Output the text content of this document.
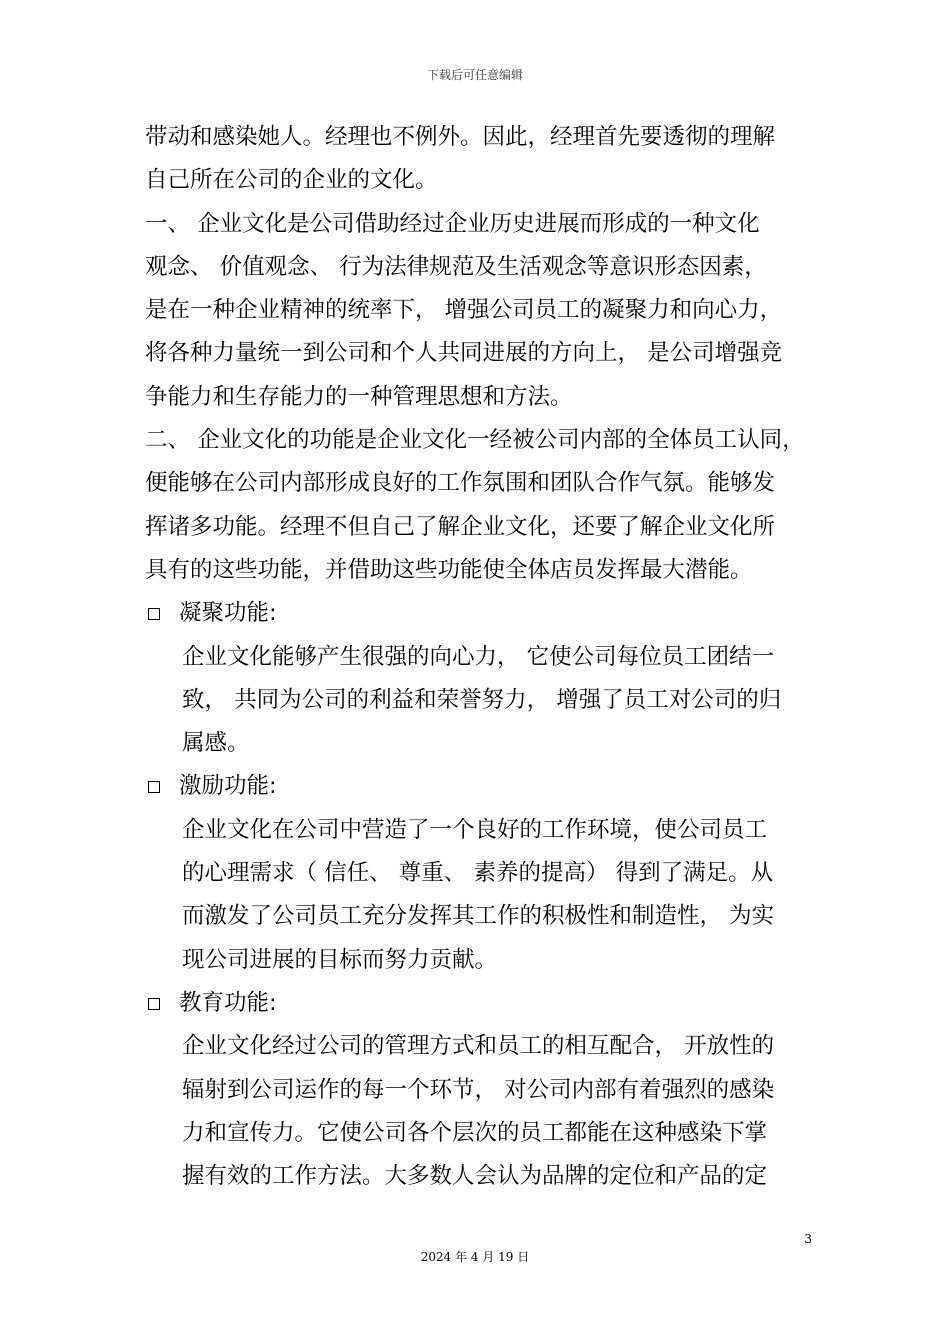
下载后可任意编辑

带动和感染她人。经理也不例外。因此，经理首先要透彻的理解

自己所在公司的企业的文化。

一、 企业文化是公司借助经过企业历史进展而形成的一种文化

观念、 价值观念、 行为法律规范及生活观念等意识形态因素，

是在一种企业精神的统率下， 增强公司员工的凝聚力和向心力，

将各种力量统一到公司和个人共同进展的方向上， 是公司增强竞

争能力和生存能力的一种管理思想和方法。

二、 企业文化的功能是企业文化一经被公司内部的全体员工认同，

便能够在公司内部形成良好的工作氛围和团队合作气氛。能够发

挥诸多功能。经理不但自己了解企业文化，还要了解企业文化所

具有的这些功能，并借助这些功能使全体店员发挥最大潜能。

凝聚功能:

企业文化能够产生很强的向心力， 它使公司每位员工团结一

致， 共同为公司的利益和荣誉努力， 增强了员工对公司的归

属感。

激励功能:

企业文化在公司中营造了一个良好的工作环境，使公司员工

的心理需求（ 信任、 尊重、 素养的提高） 得到了满足。从

而激发了公司员工充分发挥其工作的积极性和制造性， 为实

现公司进展的目标而努力贡献。

教育功能:

企业文化经过公司的管理方式和员工的相互配合， 开放性的

辐射到公司运作的每一个环节， 对公司内部有着强烈的感染

力和宣传力。它使公司各个层次的员工都能在这种感染下掌

握有效的工作方法。大多数人会认为品牌的定位和产品的定

3
2024 年 4 月 19 日
